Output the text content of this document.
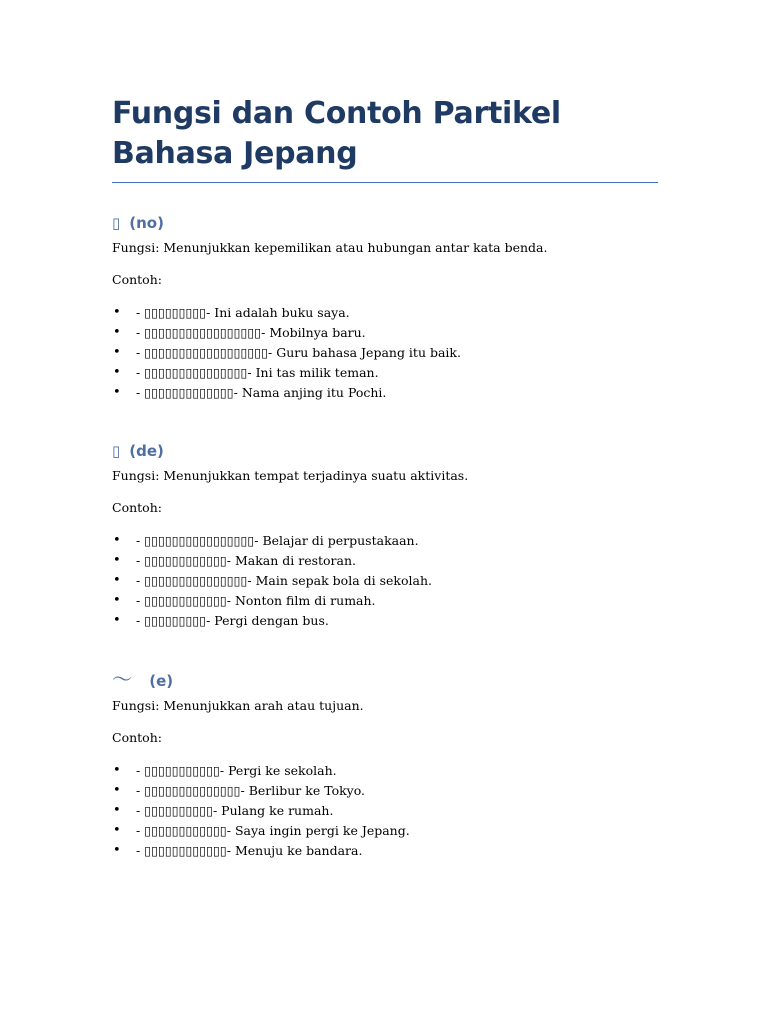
Fungsi dan Contoh Partikel Bahasa Jepang
▯ (no)

Fungsi: Menunjukkan kepemilikan atau hubungan antar kata benda.

Contoh:

• - ▯▯▯▯▯▯▯▯▯- Ini adalah buku saya.
• - ▯▯▯▯▯▯▯▯▯▯▯▯▯▯▯▯▯- Mobilnya baru.
• - ▯▯▯▯▯▯▯▯▯▯▯▯▯▯▯▯▯▯- Guru bahasa Jepang itu baik.
• - ▯▯▯▯▯▯▯▯▯▯▯▯▯▯▯- Ini tas milik teman.
• - ▯▯▯▯▯▯▯▯▯▯▯▯▯- Nama anjing itu Pochi.
▯ (de)

Fungsi: Menunjukkan tempat terjadinya suatu aktivitas.

Contoh:

• - ▯▯▯▯▯▯▯▯▯▯▯▯▯▯▯▯- Belajar di perpustakaan.
• - ▯▯▯▯▯▯▯▯▯▯▯▯- Makan di restoran.
• - ▯▯▯▯▯▯▯▯▯▯▯▯▯▯▯- Main sepak bola di sekolah.
• - ▯▯▯▯▯▯▯▯▯▯▯▯- Nonton film di rumah.
• - ▯▯▯▯▯▯▯▯▯- Pergi dengan bus.
〜 (e)

Fungsi: Menunjukkan arah atau tujuan.

Contoh:

• - ▯▯▯▯▯▯▯▯▯▯▯- Pergi ke sekolah.
• - ▯▯▯▯▯▯▯▯▯▯▯▯▯▯- Berlibur ke Tokyo.
• - ▯▯▯▯▯▯▯▯▯▯- Pulang ke rumah.
• - ▯▯▯▯▯▯▯▯▯▯▯▯- Saya ingin pergi ke Jepang.
• - ▯▯▯▯▯▯▯▯▯▯▯▯- Menuju ke bandara.
